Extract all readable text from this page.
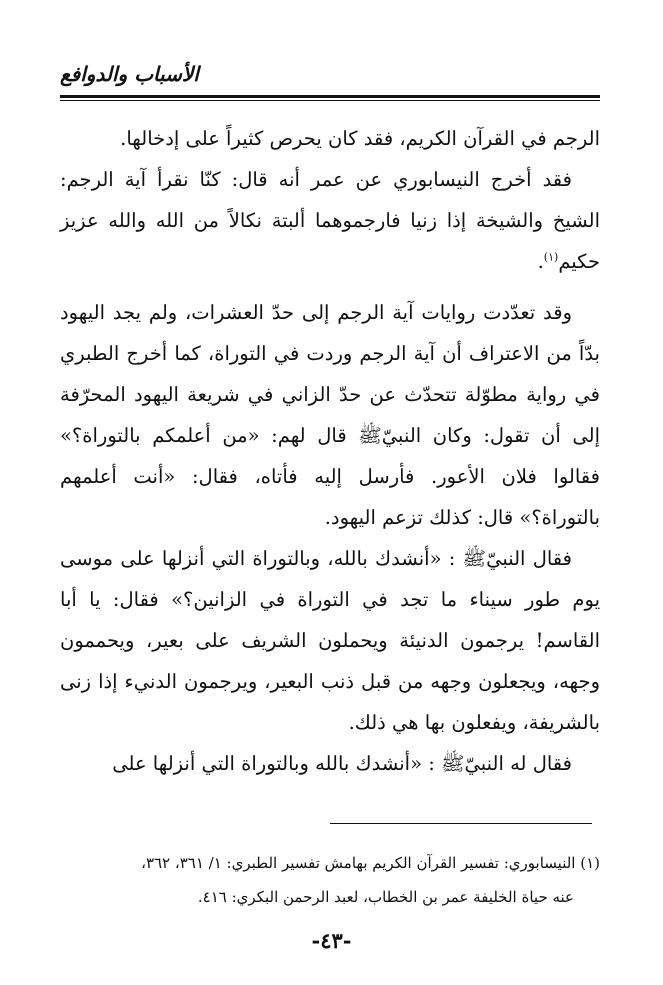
الأسباب والدوافع

الرجم في القرآن الكريم، فقد كان يحرص كثيراً على إدخالها.

فقد أخرج النيسابوري عن عمر أنه قال: كنّا نقرأ آية الرجم: الشيخ والشيخة إذا زنيا فارجموهما ألبتة نكالاً من الله والله عزيز حكيم$^{(١)}$.

وقد تعدّدت روايات آية الرجم إلى حدّ العشرات، ولم يجد اليهود بدّاً من الاعتراف أن آية الرجم وردت في التوراة، كما أخرج الطبري في رواية مطوّلة تتحدّث عن حدّ الزاني في شريعة اليهود المحرّفة إلى أن تقول: وكان النبيّﷺ قال لهم: «من أعلمكم بالتوراة؟» فقالوا فلان الأعور. فأرسل إليه فأتاه، فقال: «أنت أعلمهم بالتوراة؟» قال: كذلك تزعم اليهود.

فقال النبيّﷺ : «أنشدك بالله، وبالتوراة التي أنزلها على موسى يوم طور سيناء ما تجد في التوراة في الزانين؟» فقال: يا أبا القاسم! يرجمون الدنيئة ويحملون الشريف على بعير، ويحممون وجهه، ويجعلون وجهه من قبل ذنب البعير، ويرجمون الدنيء إذا زنى بالشريفة، ويفعلون بها هي ذلك.

فقال له النبيّﷺ : «أنشدك بالله وبالتوراة التي أنزلها على

(١) النيسابوري: تفسير القرآن الكريم بهامش تفسير الطبري: ١/ ٣٦١، ٣٦٢،

عنه حياة الخليفة عمر بن الخطاب، لعبد الرحمن البكري: ٤١٦.

-٤٣-
